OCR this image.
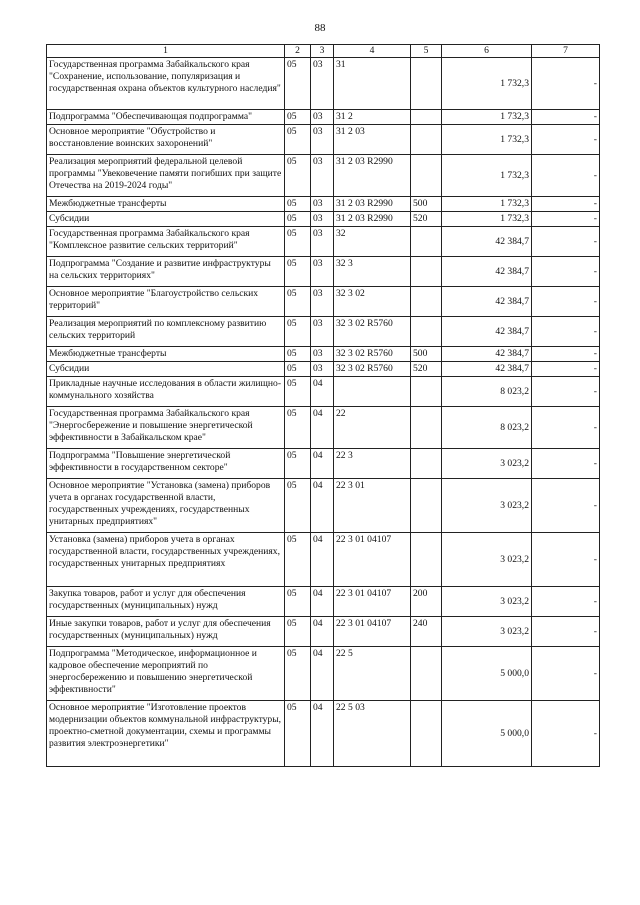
88
1	2	3	4	5	6	7
Государственная программа Забайкальского края "Сохранение, использование, популяризация и государственная охрана объектов культурного наследия"	05	03	31		1 732,3	-
Подпрограмма "Обеспечивающая подпрограмма"	05	03	31 2		1 732,3	-
Основное мероприятие "Обустройство и восстановление воинских захоронений"	05	03	31 2 03		1 732,3	-
Реализация мероприятий федеральной целевой программы "Увековечение памяти погибших при защите Отечества на 2019-2024 годы"	05	03	31 2 03 R2990		1 732,3	-
Межбюджетные трансферты	05	03	31 2 03 R2990	500	1 732,3	-
Субсидии	05	03	31 2 03 R2990	520	1 732,3	-
Государственная программа Забайкальского края "Комплексное развитие сельских территорий"	05	03	32		42 384,7	-
Подпрограмма "Создание и развитие инфраструктуры на сельских территориях"	05	03	32 3		42 384,7	-
Основное мероприятие "Благоустройство сельских территорий"	05	03	32 3 02		42 384,7	-
Реализация мероприятий по комплексному развитию сельских территорий	05	03	32 3 02 R5760		42 384,7	-
Межбюджетные трансферты	05	03	32 3 02 R5760	500	42 384,7	-
Субсидии	05	03	32 3 02 R5760	520	42 384,7	-
Прикладные научные исследования в области жилищно-коммунального хозяйства	05	04			8 023,2	-
Государственная программа Забайкальского края "Энергосбережение и повышение энергетической эффективности в Забайкальском крае"	05	04	22		8 023,2	-
Подпрограмма "Повышение энергетической эффективности в государственном секторе"	05	04	22 3		3 023,2	-
Основное мероприятие "Установка (замена) приборов учета в органах государственной власти, государственных учреждениях, государственных унитарных предприятиях"	05	04	22 3 01		3 023,2	-
Установка (замена) приборов учета в органах государственной власти, государственных учреждениях, государственных унитарных предприятиях	05	04	22 3 01 04107		3 023,2	-
Закупка товаров, работ и услуг для обеспечения государственных (муниципальных) нужд	05	04	22 3 01 04107	200	3 023,2	-
Иные закупки товаров, работ и услуг для обеспечения государственных (муниципальных) нужд	05	04	22 3 01 04107	240	3 023,2	-
Подпрограмма "Методическое, информационное и кадровое обеспечение мероприятий по энергосбережению и повышению энергетической эффективности"	05	04	22 5		5 000,0	-
Основное мероприятие "Изготовление проектов модернизации объектов коммунальной инфраструктуры, проектно-сметной документации, схемы и программы развития электроэнергетики"	05	04	22 5 03		5 000,0	-
